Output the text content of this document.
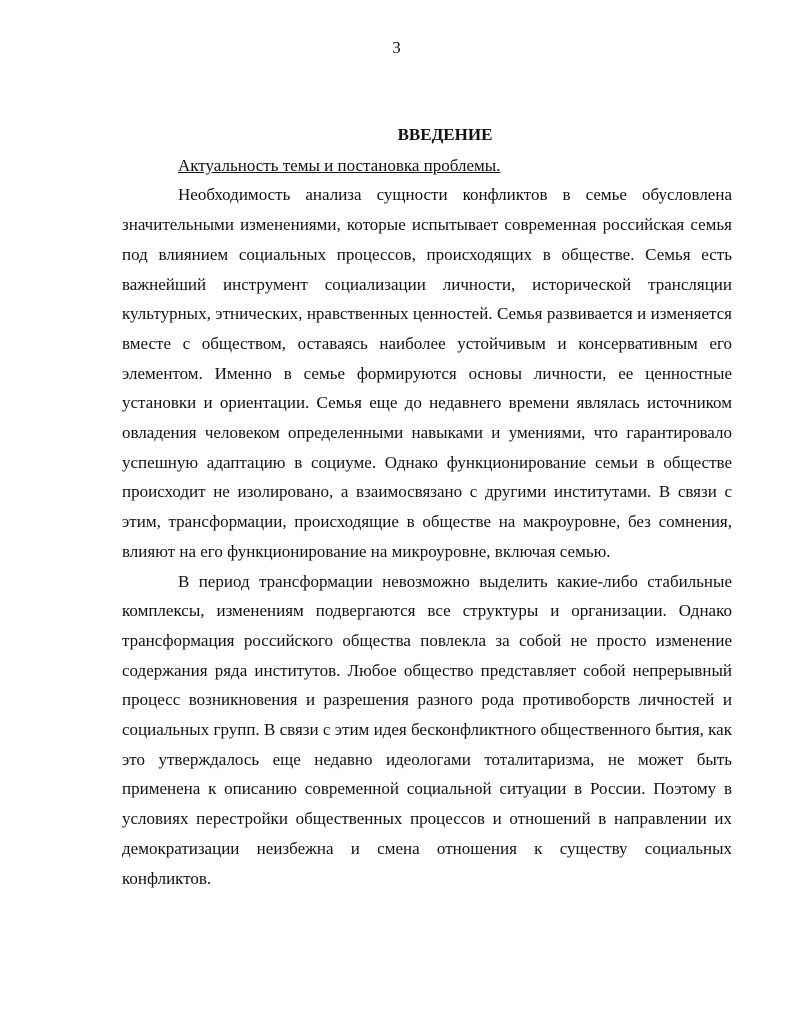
3
ВВЕДЕНИЕ

Актуальность темы и постановка проблемы.

Необходимость анализа сущности конфликтов в семье обусловлена значительными изменениями, которые испытывает современная российская семья под влиянием социальных процессов, происходящих в обществе. Семья есть важнейший инструмент социализации личности, исторической трансляции культурных, этнических, нравственных ценностей. Семья развивается и изменяется вместе с обществом, оставаясь наиболее устойчивым и консервативным его элементом. Именно в семье формируются основы личности, ее ценностные установки и ориентации. Семья еще до недавнего времени являлась источником овладения человеком определенными навыками и умениями, что гарантировало успешную адаптацию в социуме. Однако функционирование семьи в обществе происходит не изолировано, а взаимосвязано с другими институтами. В связи с этим, трансформации, происходящие в обществе на макроуровне, без сомнения, влияют на его функционирование на микроуровне, включая семью.

В период трансформации невозможно выделить какие-либо стабильные комплексы, изменениям подвергаются все структуры и организации. Однако трансформация российского общества повлекла за собой не просто изменение содержания ряда институтов. Любое общество представляет собой непрерывный процесс возникновения и разрешения разного рода противоборств личностей и социальных групп. В связи с этим идея бесконфликтного общественного бытия, как это утверждалось еще недавно идеологами тоталитаризма, не может быть применена к описанию современной социальной ситуации в России. Поэтому в условиях перестройки общественных процессов и отношений в направлении их демократизации неизбежна и смена отношения к существу социальных конфликтов.
